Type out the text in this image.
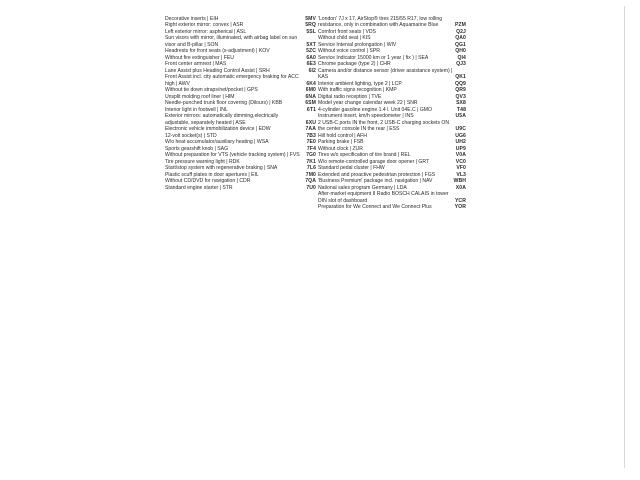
Decorative inserts | EIH	5MV
Right exterior mirror: convex | ASR	5RQ
Left exterior mirror: aspherical | ASL	5SL
Sun visors with mirror, illuminated, with airbag label on sun visor and B-pillar | SON	5XT
Headrests for front seats (x-adjustment) | KOV	5ZC
Without fire extinguisher | FEU	6A0
Front center armrest | MAS	6E3
Lane Assist plus Heading Control Assist | SRH	6I2
Front Assist incl. city automatic emergency braking for ACC high | AWV	6K4
Without tie down straps/net/pocket | GPS	6M0
Unsplit molding roof liner | HIM	6NA
Needle-punched trunk floor covering (Dilours) | KBB	6SM
Interior light in footwell | INL	6T1
Exterior mirrors: automatically dimming,electrically adjustable, separately heated | ASE	6XU
Electronic vehicle immobilization device | EDW	7AA
12-volt socket(s) | STD	7B3
W/o heat accumulator/auxiliary heating | WSA	7E0
Sports gearshift knob | SAG	7F4
Without preparation for VTS (vehicle tracking system) | FVS	7G0
Tire pressure warning light | RDK	7K1
Start/stop system with regenerative braking | SNA	7L6
Plastic scuff plates in door apertures | EIL	7M0
Without CD/DVD for navigation | CDR	7QA
Standard engine starter | STR	7U0
'London' 7J x 17, AirStop® tires 215/55 R17, low rolling resistance, only in combination with Aquamarine Blue	PZM
Comfort front seats | VDS	Q2J
Without child seat | KIS	QA0
Service Interval prolongation | WIV	QG1
Without voice control | SPR	QH0
Service Indicator 15000 km or 1 year ( fix ) | SEA	QI4
Chrome package (type 2) | CHR	QJ3
Camera and/or distance sensor (driver assistance system) | KAS	QK1
Interior ambient lighting, type 2 | LCP	QQ9
With traffic signs recognition | KMP	QR9
Digital radio reception | TVE	QV3
Model year change calendar week 22 | SNR	SX8
4-cylinder gasoline engine 1.4 l. Unit 04E.C | GMO	T48
Instrument insert, km/h speedometer | INS	U5A
2 USB-C ports IN the front, 2 USB-C charging sockets ON the center console IN the rear | ESS	U9C
Hill hold control | AFH	UG6
Parking brake | FSB	UH2
Without clock | ZUR	UP9
Tires w/o specification of tire brand | REL	V0A
W/o remote-controlled garage door opener | GRT	VC0
Standard pedal cluster | FHW	VF0
Extended and proactive pedestrian protection | FGS	VL3
'Business Premium' package incl. navigation | NAV	WBH
National sales program Germany | LDA	X0A
After-market equipment II Radio BOSCH CALAIS in tower DIN slot of dashboard	YCR
Preparation for We Connect and We Connect Plus	YOR
